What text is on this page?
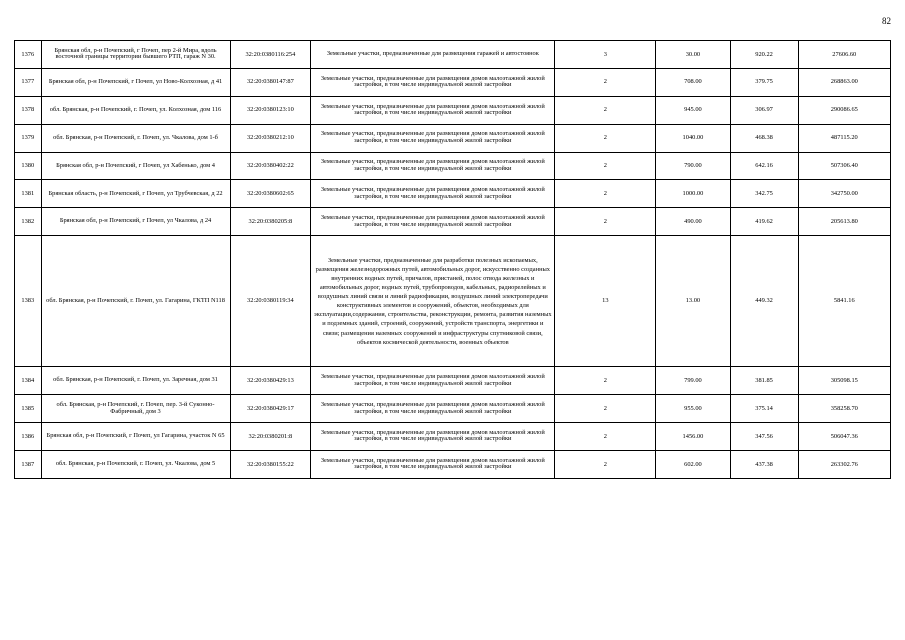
82
1376	Брянская обл, р-н Почепский, г Почеп, пер 2-й Мира, вдоль восточной границы территории бывшего РТП, гараж N 30.	32:20:0380116:254	Земельные участки, предназначенные для размещения гаражей и автостоянок	3	30.00	920.22	27606.60
1377	Брянская обл, р-н Почепский, г Почеп, ул Ново-Колхозная, д 41	32:20:0380147:87	Земельные участки, предназначенные для размещения домов малоэтажной жилой застройки, в том числе индивидуальной жилой застройки	2	708.00	379.75	268863.00
1378	обл. Брянская, р-н Почепский, г. Почеп, ул. Колхозная, дом 116	32:20:0380123:10	Земельные участки, предназначенные для размещения домов малоэтажной жилой застройки, в том числе индивидуальной жилой застройки	2	945.00	306.97	290086.65
1379	обл. Брянская, р-н Почепский, г. Почеп, ул. Чкалова, дом 1-б	32:20:0380212:10	Земельные участки, предназначенные для размещения домов малоэтажной жилой застройки, в том числе индивидуальной жилой застройки	2	1040.00	468.38	487115.20
1380	Брянская обл, р-н Почепский, г Почеп, ул Хабенько, дом 4	32:20:0380402:22	Земельные участки, предназначенные для размещения домов малоэтажной жилой застройки, в том числе индивидуальной жилой застройки	2	790.00	642.16	507306.40
1381	Брянская область, р-н Почепский, г Почеп, ул Трубчевская, д 22	32:20:0380602:65	Земельные участки, предназначенные для размещения домов малоэтажной жилой застройки, в том числе индивидуальной жилой застройки	2	1000.00	342.75	342750.00
1382	Брянская обл, р-н Почепский, г Почеп, ул Чкалова, д 24	32:20:0380205:8	Земельные участки, предназначенные для размещения домов малоэтажной жилой застройки, в том числе индивидуальной жилой застройки	2	490.00	419.62	205613.80
1383	обл. Брянская, р-н Почепский, г. Почеп, ул. Гагарина, ГКТП N118	32:20:0380119:34	Земельные участки, предназначенные для разработки полезных ископаемых, размещения железнодорожных путей, автомобильных дорог, искусственно созданных внутренних водных путей, причалов, пристаней, полос отвода железных и автомобильных дорог, водных путей, трубопроводов, кабельных, радиорелейных и воздушных линий связи и линий радиофикации, воздушных линий электропередачи конструктивных элементов и сооружений, объектов, необходимых для эксплуатации,содержания, строительства, реконструкции, ремонта, развития наземных и подземных зданий, строений, сооружений, устройств транспорта, энергетики и связи; размещения наземных сооружений и инфраструктуры спутниковой связи, объектов космической деятельности, военных объектов	13	13.00	449.32	5841.16
1384	обл. Брянская, р-н Почепский, г. Почеп, ул. Заречная, дом 31	32:20:0380429:13	Земельные участки, предназначенные для размещения домов малоэтажной жилой застройки, в том числе индивидуальной жилой застройки	2	799.00	381.85	305098.15
1385	обл. Брянская, р-н Почепский, г. Почеп, пер. 3-й Суконно-Фабричный, дом 3	32:20:0380429:17	Земельные участки, предназначенные для размещения домов малоэтажной жилой застройки, в том числе индивидуальной жилой застройки	2	955.00	375.14	358258.70
1386	Брянская обл, р-н Почепский, г Почеп, ул Гагарина, участок N 65	32:20:0380201:8	Земельные участки, предназначенные для размещения домов малоэтажной жилой застройки, в том числе индивидуальной жилой застройки	2	1456.00	347.56	506047.36
1387	обл. Брянская, р-н Почепский, г. Почеп, ул. Чкалова, дом 5	32:20:0380155:22	Земельные участки, предназначенные для размещения домов малоэтажной жилой застройки, в том числе индивидуальной жилой застройки	2	602.00	437.38	263302.76
